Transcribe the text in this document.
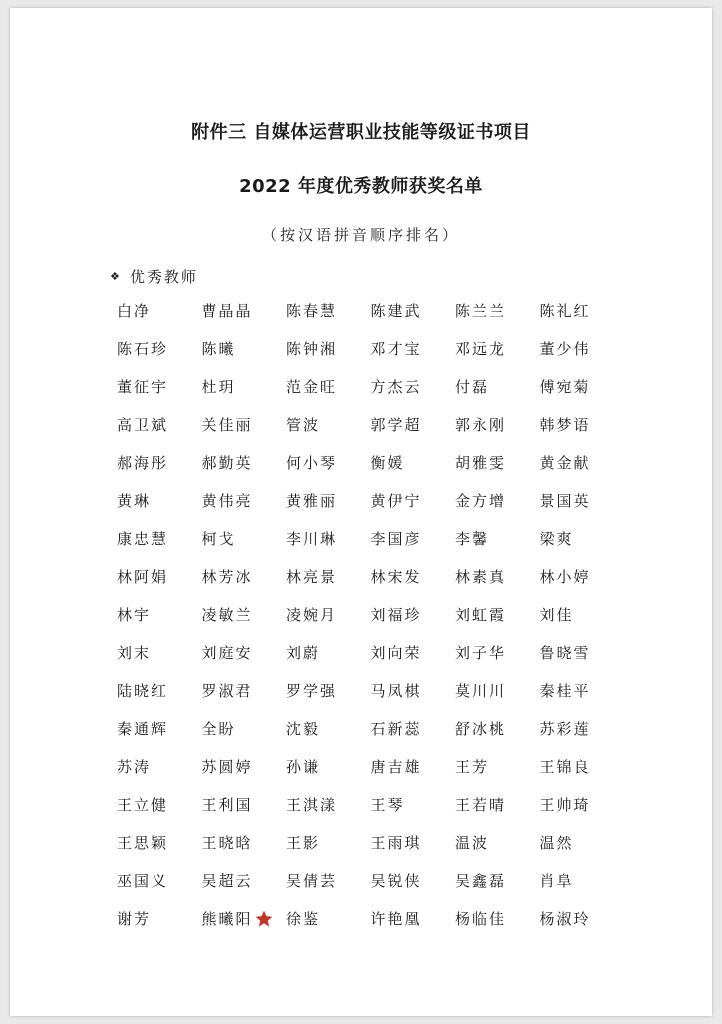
附件三 自媒体运营职业技能等级证书项目
2022 年度优秀教师获奖名单
（按汉语拼音顺序排名）
❖ 优秀教师
白净	曹晶晶 陈春慧 陈建武 陈兰兰 陈礼红
陈石珍 陈曦	陈钟湘 邓才宝 邓远龙 董少伟
董征宇 杜玥	范金旺 方杰云 付磊	傅宛菊
高卫斌 关佳丽 管波	郭学超 郭永刚 韩梦语
郝海彤 郝勤英 何小琴 衡媛	胡雅雯 黄金献
黄琳	黄伟亮 黄雅丽 黄伊宁 金方增 景国英
康忠慧 柯戈	李川琳 李国彦 李馨	梁爽
林阿娟 林芳冰 林亮景 林宋发 林素真 林小婷
林宇	凌敏兰 凌婉月 刘福珍 刘虹霞 刘佳
刘末	刘庭安 刘蔚	刘向荣 刘子华 鲁晓雪
陆晓红 罗淑君 罗学强 马凤棋 莫川川 秦桂平
秦通辉 全盼	沈毅	石新蕊 舒冰桃 苏彩莲
苏涛	苏圆婷 孙谦	唐吉雄 王芳	王锦良
王立健 王利国 王淇漾 王琴	王若晴 王帅琦
王思颖 王晓晗 王影	王雨琪 温波	温然
巫国义 吴超云 吴倩芸 吴锐侠 吴鑫磊 肖阜
谢芳	熊曦阳 徐鉴	许艳凰 杨临佳 杨淑玲
